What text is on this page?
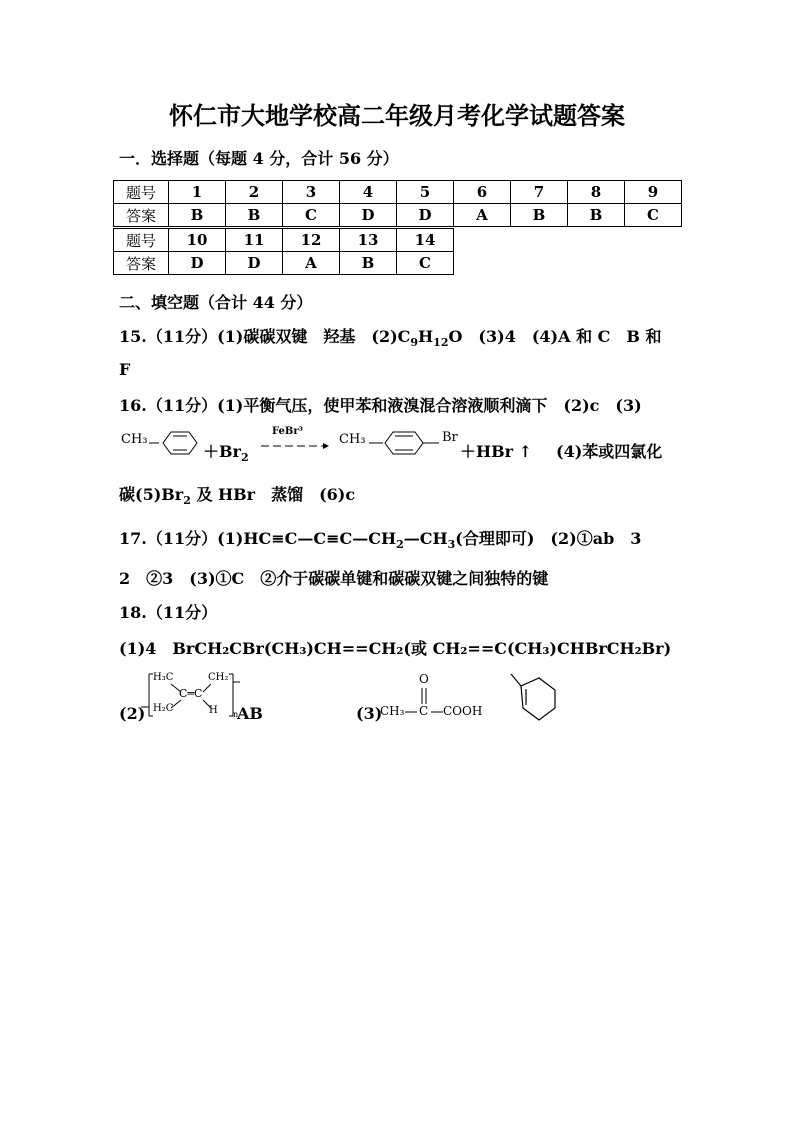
怀仁市大地学校高二年级月考化学试题答案
一．选择题（每题 4 分，合计 56 分）
题号	1	2	3	4	5	6	7	8	9
答案	B	B	C	D	D	A	B	B	C
题号	10	11	12	13	14
答案	D	D	A	B	C
二、填空题（合计 44 分）
15.（11分）(1)碳碳双键　羟基　$(2)C_9H_{12}O$　(3)4　(4)A 和 C　B 和
F
16.（11分）(1)平衡气压，使甲苯和液溴混合溶液顺利滴下　(2)c　(3)
CH₃
$+Br_2$
FeBr³
CH₃	Br
＋HBr ↑ (4)苯或四氯化
碳$(5)Br_2$ 及 HBr　蒸馏　(6)c
17.（11分）$(1)HC\equiv C—C\equiv C—CH_2—CH_3$(合理即可)　(2)①ab　3
2　②3　(3)①C　②介于碳碳单键和碳碳双键之间独特的键
18.（11分）
(1)4　BrCH₂CBr(CH₃)CH==CH₂(或 CH₂==C(CH₃)CHBrCH₂Br)
(2)
H₃C
H₂C
C═C
CH₂
H n
AB	(3)
CH₃ C
O
COOH
